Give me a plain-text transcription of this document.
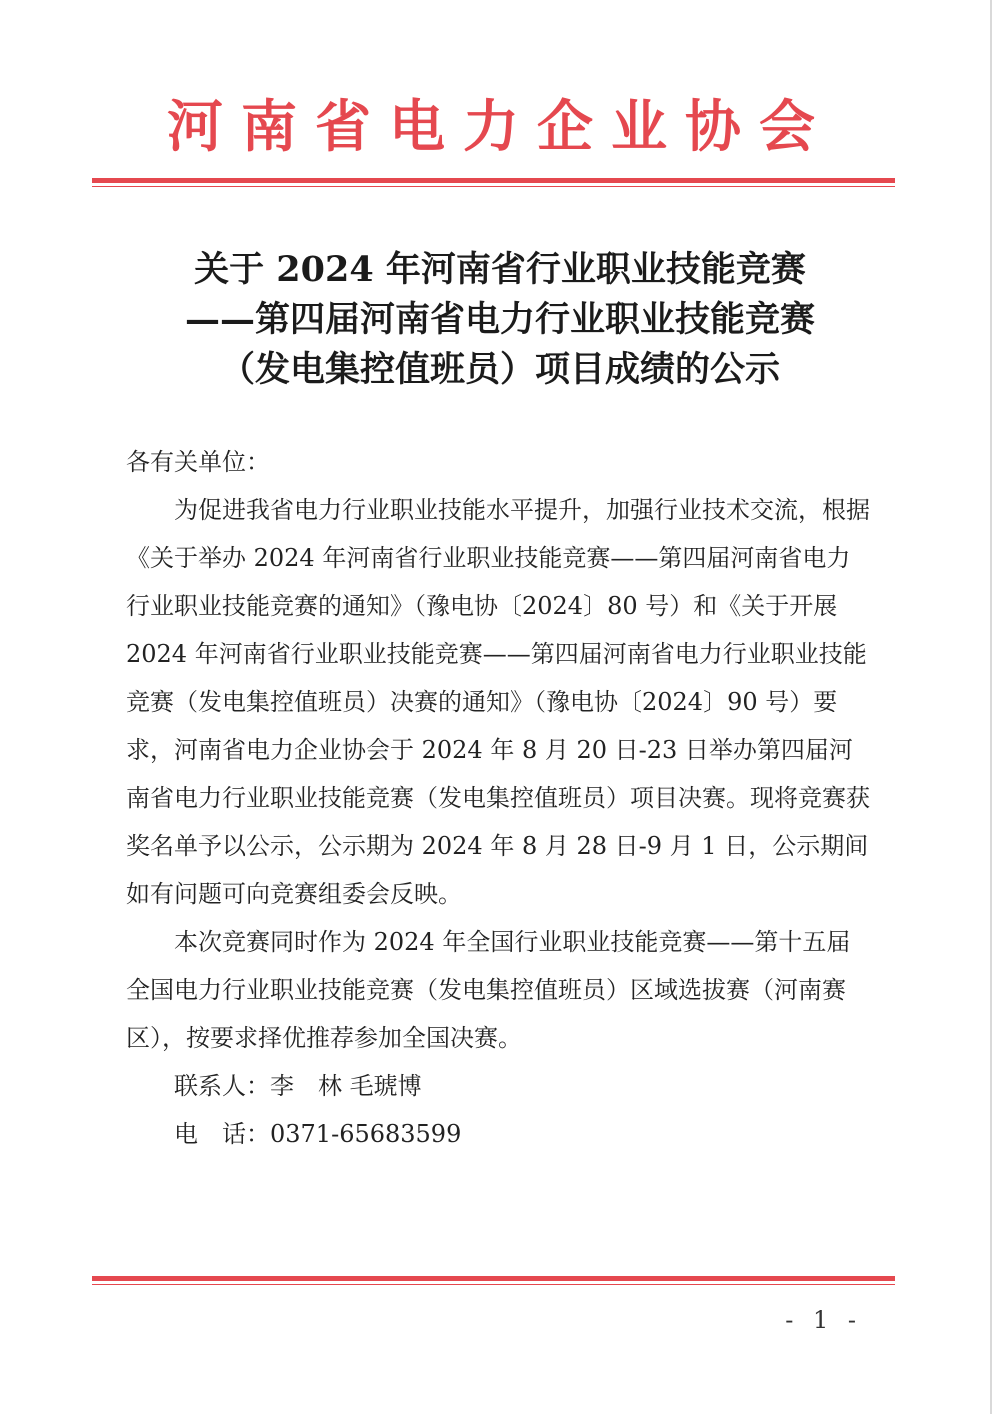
河南省电力企业协会
关于 2024 年河南省行业职业技能竞赛
——第四届河南省电力行业职业技能竞赛
（发电集控值班员）项目成绩的公示

各有关单位：

为促进我省电力行业职业技能水平提升，加强行业技术交流，根据《关于举办 2024 年河南省行业职业技能竞赛——第四届河南省电力行业职业技能竞赛的通知》（豫电协〔2024〕80 号）和《关于开展 2024 年河南省行业职业技能竞赛——第四届河南省电力行业职业技能竞赛（发电集控值班员）决赛的通知》（豫电协〔2024〕90 号）要求，河南省电力企业协会于 2024 年 8 月 20 日-23 日举办第四届河南省电力行业职业技能竞赛（发电集控值班员）项目决赛。现将竞赛获奖名单予以公示，公示期为 2024 年 8 月 28 日-9 月 1 日，公示期间如有问题可向竞赛组委会反映。

本次竞赛同时作为 2024 年全国行业职业技能竞赛——第十五届全国电力行业职业技能竞赛（发电集控值班员）区域选拔赛（河南赛区），按要求择优推荐参加全国决赛。

联系人：李　林 毛琥博

电　话：0371-65683599

- 1 -
